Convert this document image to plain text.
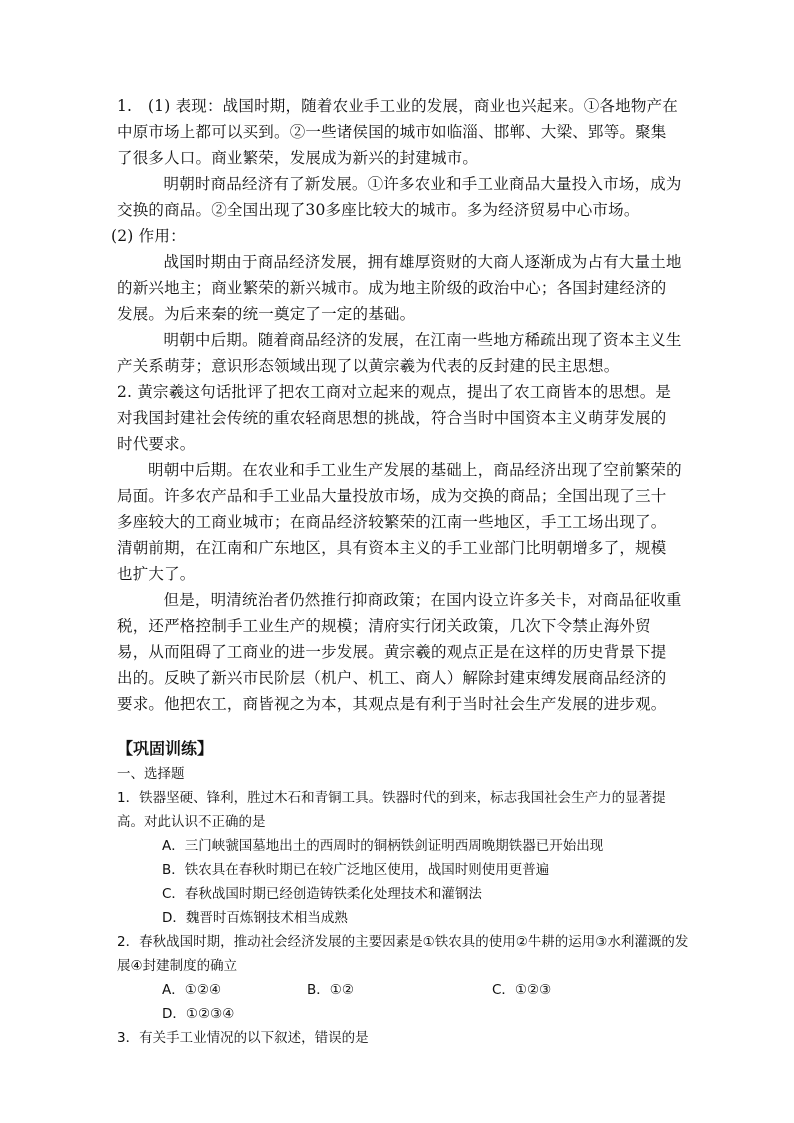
1.　(1) 表现：战国时期，随着农业手工业的发展，商业也兴起来。①各地物产在中原市场上都可以买到。②一些诸侯国的城市如临淄、邯郸、大梁、郢等。聚集了很多人口。商业繁荣，发展成为新兴的封建城市。

明朝时商品经济有了新发展。①许多农业和手工业商品大量投入市场，成为交换的商品。②全国出现了30多座比较大的城市。多为经济贸易中心市场。

(2) 作用：

战国时期由于商品经济发展，拥有雄厚资财的大商人逐渐成为占有大量土地的新兴地主；商业繁荣的新兴城市。成为地主阶级的政治中心；各国封建经济的发展。为后来秦的统一奠定了一定的基础。

明朝中后期。随着商品经济的发展，在江南一些地方稀疏出现了资本主义生产关系萌芽；意识形态领域出现了以黄宗羲为代表的反封建的民主思想。

2. 黄宗羲这句话批评了把农工商对立起来的观点，提出了农工商皆本的思想。是对我国封建社会传统的重农轻商思想的挑战，符合当时中国资本主义萌芽发展的时代要求。

明朝中后期。在农业和手工业生产发展的基础上，商品经济出现了空前繁荣的局面。许多农产品和手工业品大量投放市场，成为交换的商品；全国出现了三十多座较大的工商业城市；在商品经济较繁荣的江南一些地区，手工工场出现了。清朝前期，在江南和广东地区，具有资本主义的手工业部门比明朝增多了，规模也扩大了。

但是，明清统治者仍然推行抑商政策；在国内设立许多关卡，对商品征收重税，还严格控制手工业生产的规模；清府实行闭关政策，几次下令禁止海外贸易，从而阻碍了工商业的进一步发展。黄宗羲的观点正是在这样的历史背景下提出的。反映了新兴市民阶层（机户、机工、商人）解除封建束缚发展商品经济的要求。他把农工，商皆视之为本，其观点是有利于当时社会生产发展的进步观。

【巩固训练】

一、选择题

1．铁器坚硬、锋利，胜过木石和青铜工具。铁器时代的到来，标志我国社会生产力的显著提高。对此认识不正确的是

A．三门峡虢国墓地出土的西周时的铜柄铁剑证明西周晚期铁器已开始出现

B．铁农具在春秋时期已在较广泛地区使用，战国时则使用更普遍

C．春秋战国时期已经创造铸铁柔化处理技术和灌钢法

D．魏晋时百炼钢技术相当成熟

2．春秋战国时期，推动社会经济发展的主要因素是①铁农具的使用②牛耕的运用③水利灌溉的发展④封建制度的确立

A．①②④	B．①②	C．①②③

D．①②③④

3．有关手工业情况的以下叙述，错误的是
